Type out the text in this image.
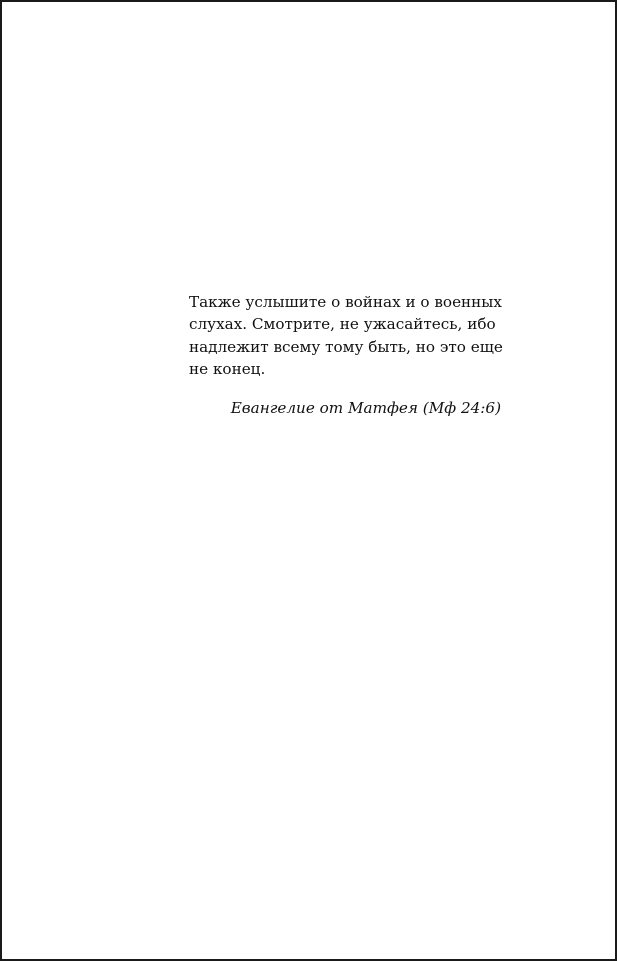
Также услышите о войнах и о военных
слухах. Смотрите, не ужасайтесь, ибо
надлежит всему тому быть, но это еще
не конец.
Евангелие от Матфея (Мф 24:6)
